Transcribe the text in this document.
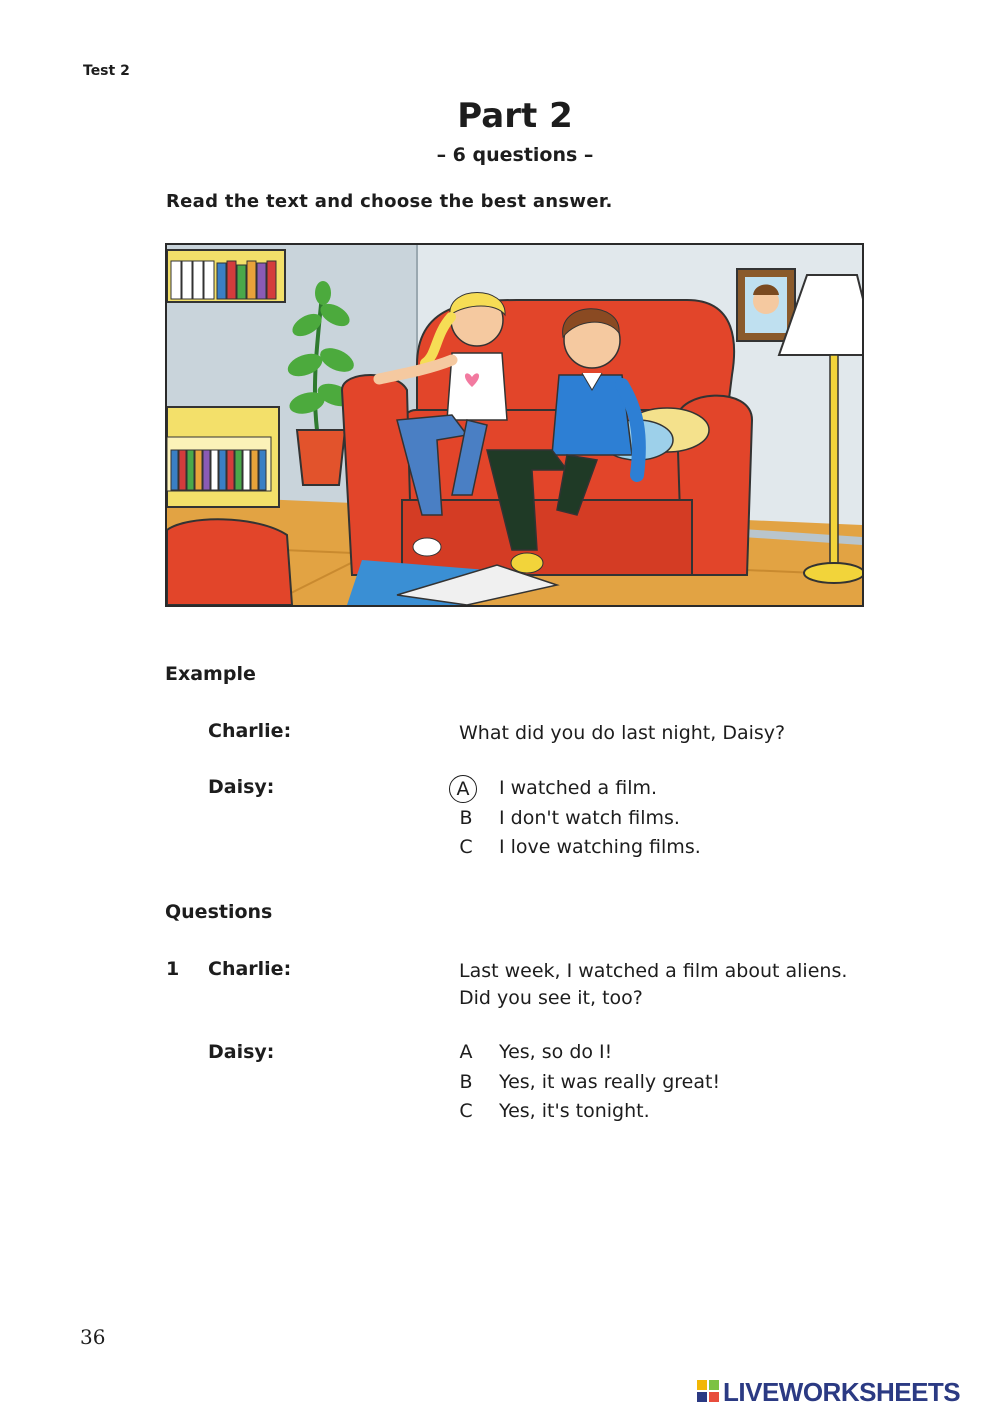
Test 2
Part 2
– 6 questions –
Read the text and choose the best answer.
Example
Charlie:	What did you do last night, Daisy?
Daisy:	A	I watched a film.
B	I don't watch films.
C	I love watching films.
Questions
1 Charlie:	Last week, I watched a film about aliens.
Did you see it, too?
Daisy:	A	Yes, so do I!
B	Yes, it was really great!
C	Yes, it's tonight.
36
LIVEWORKSHEETS
